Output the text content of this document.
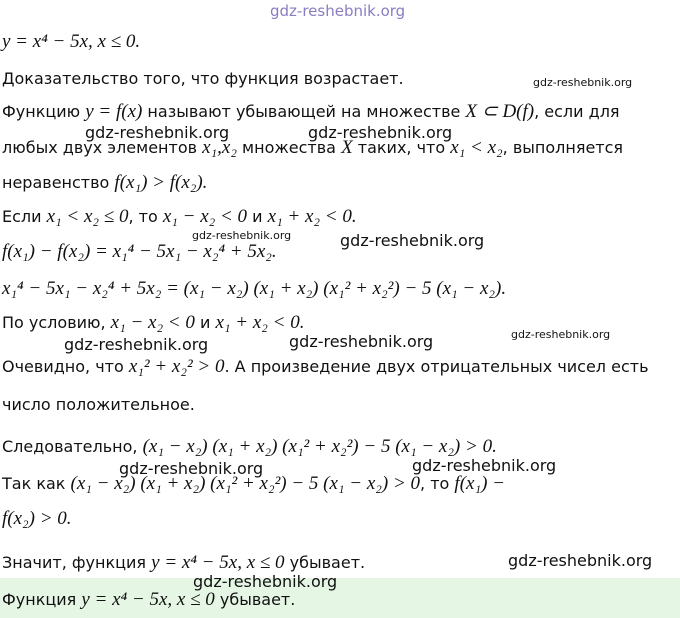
gdz-reshebnik.org
gdz-reshebnik.org
gdz-reshebnik.org	gdz-reshebnik.org
gdz-reshebnik.org	gdz-reshebnik.org
gdz-reshebnik.org
gdz-reshebnik.org	gdz-reshebnik.org
gdz-reshebnik.org	gdz-reshebnik.org
gdz-reshebnik.org
gdz-reshebnik.org
y = x⁴ − 5x, x ≤ 0.
Доказательство того, что функция возрастает.
Функцию y = f(x) называют убывающей на множестве X ⊂ D(f), если для
любых двух элементов x₁,x₂ множества X таких, что x₁ < x₂, выполняется
неравенство f(x₁) > f(x₂).
Если x₁ < x₂ ≤ 0, то x₁ − x₂ < 0 и x₁ + x₂ < 0.
f(x₁) − f(x₂) = x₁⁴ − 5x₁ − x₂⁴ + 5x₂.
x₁⁴ − 5x₁ − x₂⁴ + 5x₂ = (x₁ − x₂) (x₁ + x₂) (x₁² + x₂²) − 5 (x₁ − x₂).
По условию, x₁ − x₂ < 0 и x₁ + x₂ < 0.
Очевидно, что x₁² + x₂² > 0. А произведение двух отрицательных чисел есть
число положительное.
Следовательно, (x₁ − x₂) (x₁ + x₂) (x₁² + x₂²) − 5 (x₁ − x₂) > 0.
Так как (x₁ − x₂) (x₁ + x₂) (x₁² + x₂²) − 5 (x₁ − x₂) > 0, то f(x₁) −
f(x₂) > 0.
Значит, функция y = x⁴ − 5x, x ≤ 0 убывает.
Функция y = x⁴ − 5x, x ≤ 0 убывает.
